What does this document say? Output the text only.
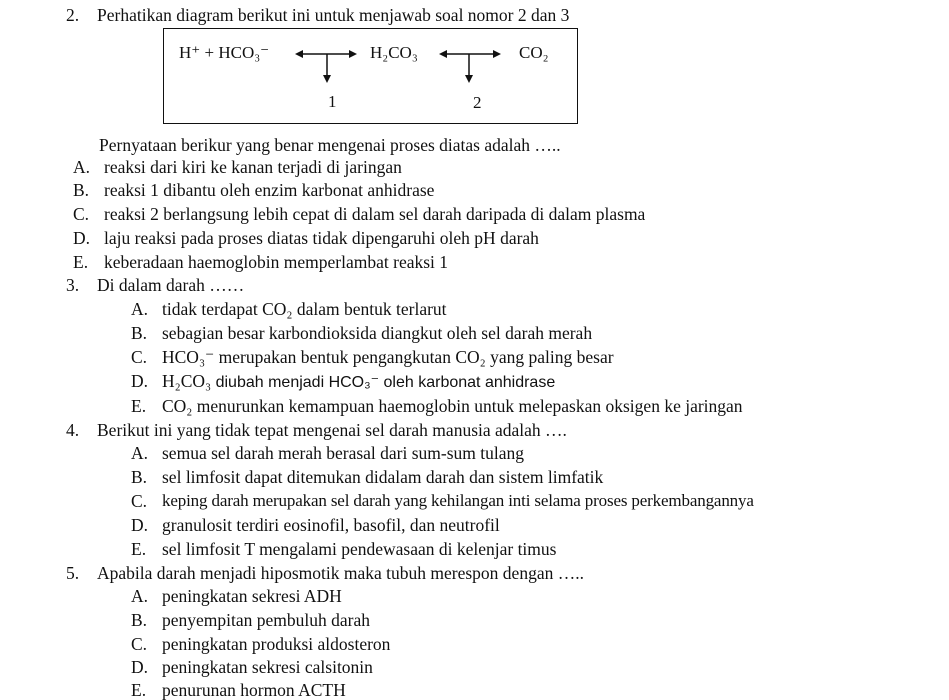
2. Perhatikan diagram berikut ini untuk menjawab soal nomor 2 dan 3
H⁺ + HCO₃⁻	H₂CO₃	CO₂
1	2
Pernyataan berikur yang benar mengenai proses diatas adalah …..
A. reaksi dari kiri ke kanan terjadi di jaringan
B. reaksi 1 dibantu oleh enzim karbonat anhidrase
C. reaksi 2 berlangsung lebih cepat di dalam sel darah daripada di dalam plasma
D. laju reaksi pada proses diatas tidak dipengaruhi oleh pH darah
E. keberadaan haemoglobin memperlambat reaksi 1
3. Di dalam darah ……
A. tidak terdapat CO₂ dalam bentuk terlarut
B. sebagian besar karbondioksida diangkut oleh sel darah merah
C. HCO₃⁻ merupakan bentuk pengangkutan CO₂ yang paling besar
D. H₂CO₃ diubah menjadi HCO₃⁻ oleh karbonat anhidrase
E. CO₂ menurunkan kemampuan haemoglobin untuk melepaskan oksigen ke jaringan
4. Berikut ini yang tidak tepat mengenai sel darah manusia adalah ….
A. semua sel darah merah berasal dari sum-sum tulang
B. sel limfosit dapat ditemukan didalam darah dan sistem limfatik
C. keping darah merupakan sel darah yang kehilangan inti selama proses perkembangannya
D. granulosit terdiri eosinofil, basofil, dan neutrofil
E. sel limfosit T mengalami pendewasaan di kelenjar timus
5. Apabila darah menjadi hiposmotik maka tubuh merespon dengan …..
A. peningkatan sekresi ADH
B. penyempitan pembuluh darah
C. peningkatan produksi aldosteron
D. peningkatan sekresi calsitonin
E. penurunan hormon ACTH
